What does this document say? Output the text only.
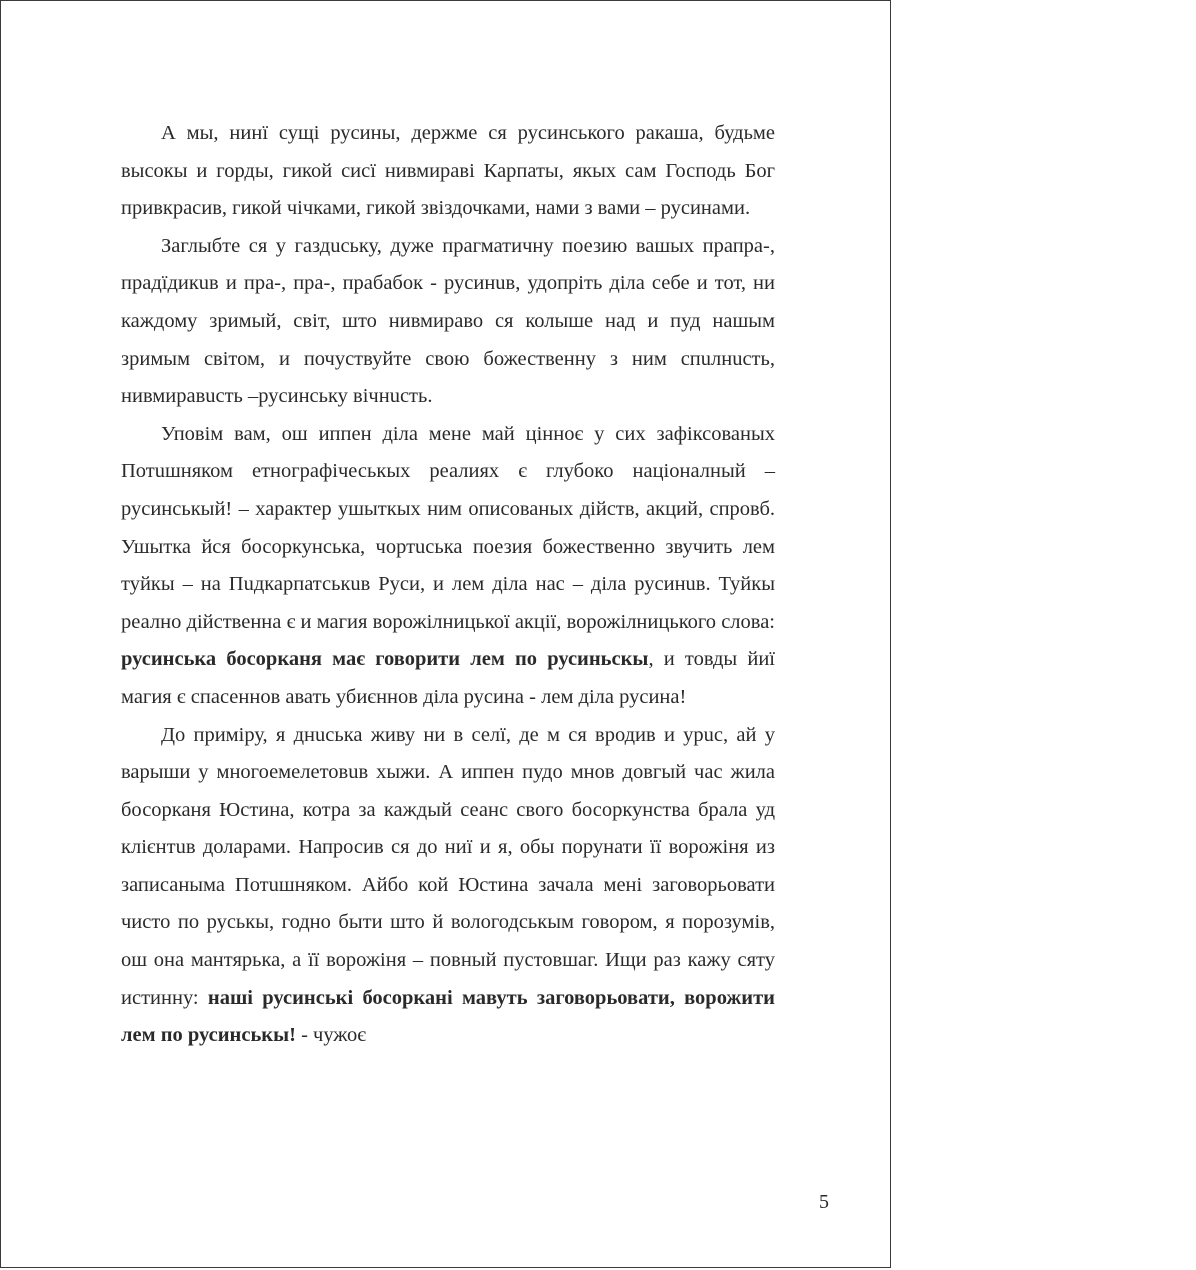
А мы, нинї сущі русины, держме ся русинського ракаша, будьме высокы и горды, гикой сисї нивмираві Карпаты, якых сам Господь Бог привкрасив, гикой чічками, гикой звіздочками, нами з вами – русинами.

Заглыбте ся у газдuську, дуже прагматичну поезию вашых прапра-, прадїдикuв и пра-, пра-, прабабок - русинuв, удопріть діла себе и тот, ни каждому зримый, світ, што нивмираво ся колыше над и пуд нашым зримым світом, и почуствуйте свою божественну з ним спuлнuсть, нивмиравuсть –русинську вічнuсть.

Уповім вам, ош иппен діла мене май цінноє у сих зафіксованых Потuшняком етнографічеськых реалиях є глубоко націоналный – русинськый! – характер ушыткых ним описованых дійств, акций, спровб. Ушытка йся босоркунська, чортuська поезия божественно звучить лем туйкы – на Пuдкарпатськuв Руси, и лем діла нас – діла русинuв. Туйкы реално дійственна є и магия ворожілницької акції, ворожілницького слова: русинська босорканя має говорити лем по русиньскы, и товды йиї магия є спасеннов авать убиєннов діла русина - лем діла русина!

До приміру, я днuська живу ни в селї, де м ся вродив и урuс, ай у варыши у многоемелетовuв хыжи. А иппен пудо мнов довгый час жила босорканя Юстина, котра за каждый сеанс свого босоркунства брала уд клієнтuв доларами. Напросив ся до ниї и я, обы порунати її ворожіня из записаныма Потuшняком. Айбо кой Юстина зачала мені заговорьовати чисто по руськы, годно быти што й вологодськым говором, я порозумів, ош она мантярька, а її ворожіня – повный пустовшаг. Ищи раз кажу сяту истинну: наші русинські босоркані мавуть заговорьовати, ворожити лем по русинськы! - чужоє

5
